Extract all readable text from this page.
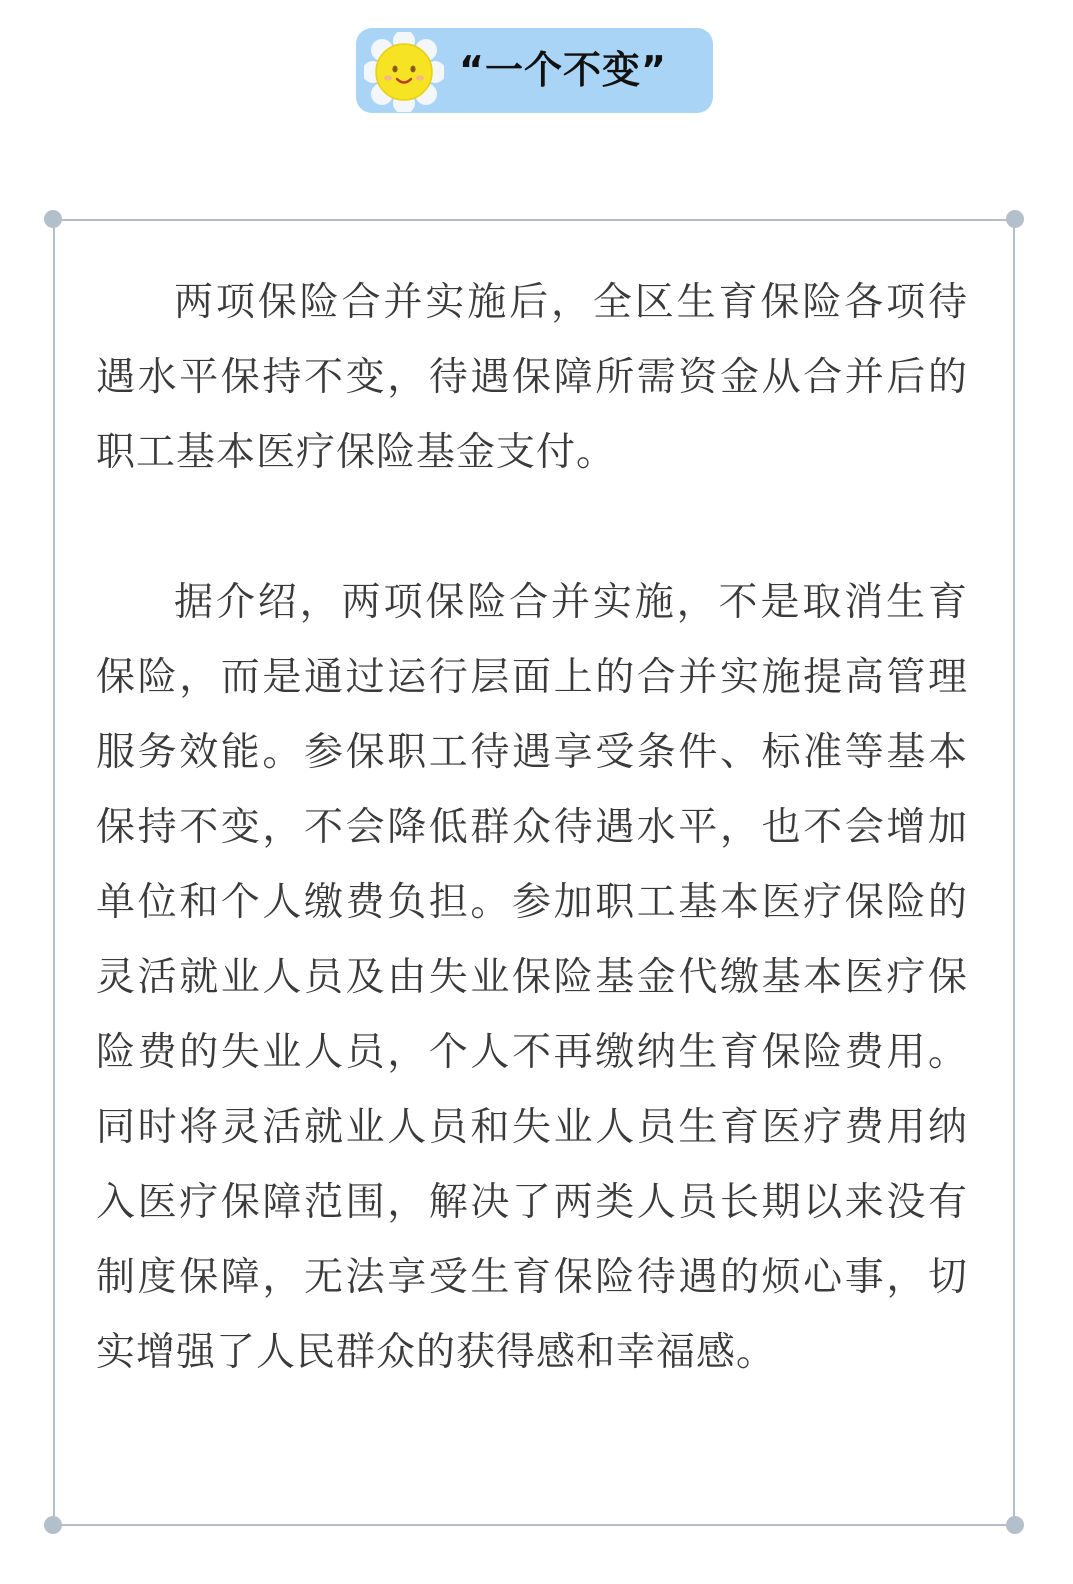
“一个不变”

两项保险合并实施后，全区生育保险各项待遇水平保持不变，待遇保障所需资金从合并后的职工基本医疗保险基金支付。

据介绍，两项保险合并实施，不是取消生育保险，而是通过运行层面上的合并实施提高管理服务效能。参保职工待遇享受条件、标准等基本保持不变，不会降低群众待遇水平，也不会增加单位和个人缴费负担。参加职工基本医疗保险的灵活就业人员及由失业保险基金代缴基本医疗保险费的失业人员，个人不再缴纳生育保险费用。同时将灵活就业人员和失业人员生育医疗费用纳入医疗保障范围，解决了两类人员长期以来没有制度保障，无法享受生育保险待遇的烦心事，切实增强了人民群众的获得感和幸福感。
